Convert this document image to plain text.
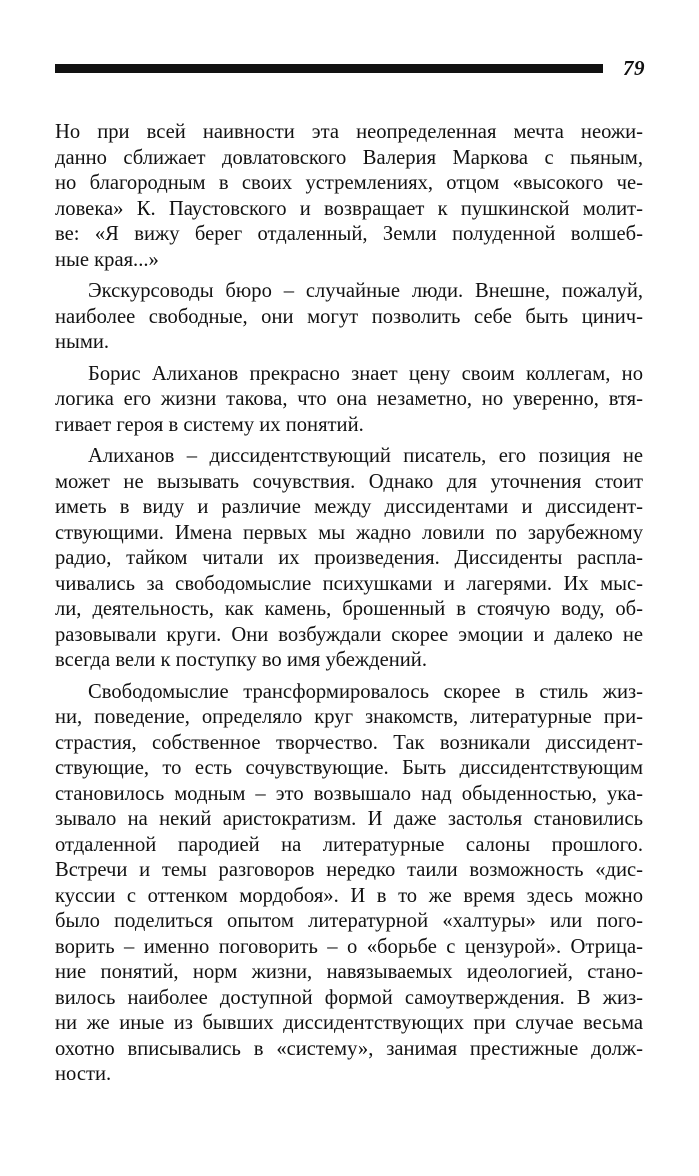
79

Но при всей наивности эта неопределенная мечта неожи-
данно сближает довлатовского Валерия Маркова с пьяным,
но благородным в своих устремлениях, отцом «высокого че-
ловека» К. Паустовского и возвращает к пушкинской молит-
ве: «Я вижу берег отдаленный, Земли полуденной волшеб-
ные края...»

Экскурсоводы бюро – случайные люди. Внешне, пожалуй,
наиболее свободные, они могут позволить себе быть цинич-
ными.

Борис Алиханов прекрасно знает цену своим коллегам, но
логика его жизни такова, что она незаметно, но уверенно, втя-
гивает героя в систему их понятий.

Алиханов – диссидентствующий писатель, его позиция не
может не вызывать сочувствия. Однако для уточнения стоит
иметь в виду и различие между диссидентами и диссидент-
ствующими. Имена первых мы жадно ловили по зарубежному
радио, тайком читали их произведения. Диссиденты распла-
чивались за свободомыслие психушками и лагерями. Их мыс-
ли, деятельность, как камень, брошенный в стоячую воду, об-
разовывали круги. Они возбуждали скорее эмоции и далеко не
всегда вели к поступку во имя убеждений.

Свободомыслие трансформировалось скорее в стиль жиз-
ни, поведение, определяло круг знакомств, литературные при-
страстия, собственное творчество. Так возникали диссидент-
ствующие, то есть сочувствующие. Быть диссидентствующим
становилось модным – это возвышало над обыденностью, ука-
зывало на некий аристократизм. И даже застолья становились
отдаленной пародией на литературные салоны прошлого.
Встречи и темы разговоров нередко таили возможность «дис-
куссии с оттенком мордобоя». И в то же время здесь можно
было поделиться опытом литературной «халтуры» или пого-
ворить – именно поговорить – о «борьбе с цензурой». Отрица-
ние понятий, норм жизни, навязываемых идеологией, стано-
вилось наиболее доступной формой самоутверждения. В жиз-
ни же иные из бывших диссидентствующих при случае весьма
охотно вписывались в «систему», занимая престижные долж-
ности.
